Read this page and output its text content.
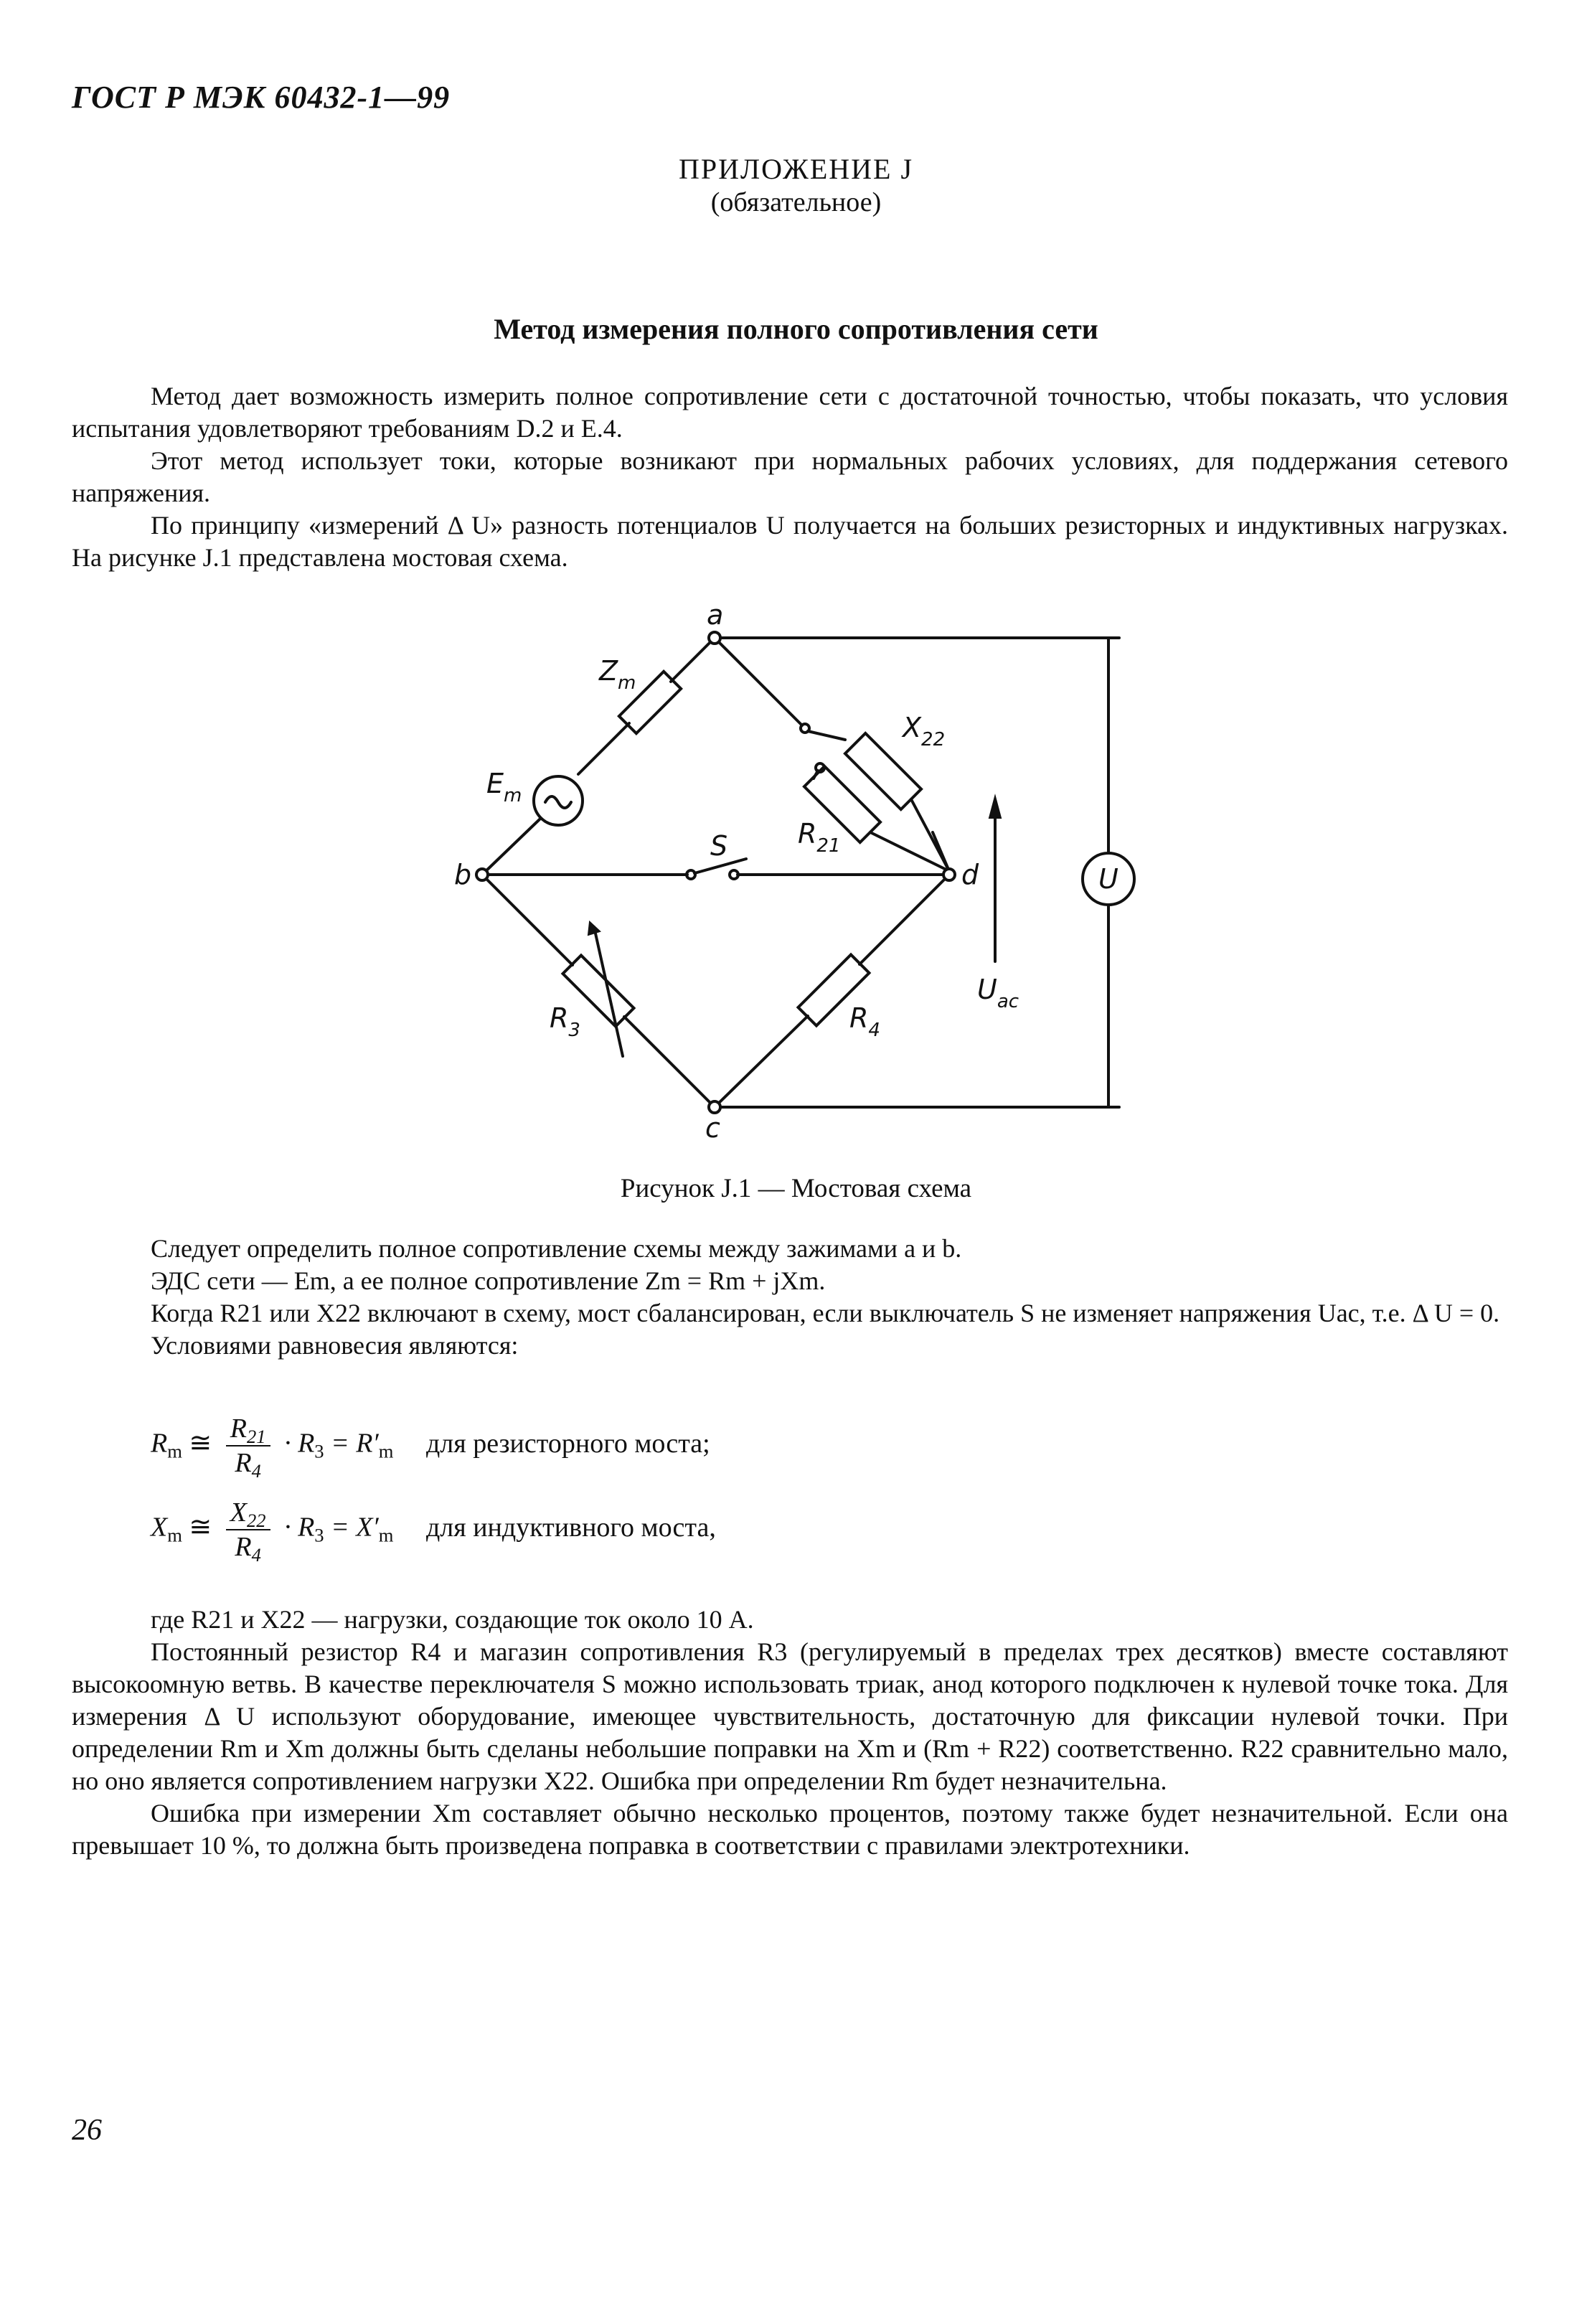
ГОСТ Р МЭК 60432-1—99
ПРИЛОЖЕНИЕ J
(обязательное)
Метод измерения полного сопротивления сети

Метод дает возможность измерить полное сопротивление сети с достаточной точностью, чтобы показать, что условия испытания удовлетворяют требованиям D.2 и E.4.

Этот метод использует токи, которые возникают при нормальных рабочих условиях, для поддержания сетевого напряжения.

По принципу «измерений Δ U» разность потенциалов U получается на больших резисторных и индуктивных нагрузках. На рисунке J.1 представлена мостовая схема.

a
b
c
d
$Z_m$
$E_m$
$X_{22}$
$R_{21}$
S
$R_3$	$R_4$
$U_{ac}$
U
Рисунок J.1 — Мостовая схема

Следует определить полное сопротивление схемы между зажимами a и b.

ЭДС сети — Em, а ее полное сопротивление Zm = Rm + jXm.

Когда R21 или X22 включают в схему, мост сбалансирован, если выключатель S не изменяет напряжения Uac, т.е. Δ U = 0.

Условиями равновесия являются:

$R_m$ ≅ $\frac{R_{21}}{R_4} \cdot R_3 = R'_m$ для резисторного моста;
$X_m$ ≅ $\frac{X_{22}}{R_4} \cdot R_3 = X'_m$ для индуктивного моста,

где R21 и X22 — нагрузки, создающие ток около 10 А.

Постоянный резистор R4 и магазин сопротивления R3 (регулируемый в пределах трех десятков) вместе составляют высокоомную ветвь. В качестве переключателя S можно использовать триак, анод которого подключен к нулевой точке тока. Для измерения Δ U используют оборудование, имеющее чувствительность, достаточную для фиксации нулевой точки. При определении Rm и Xm должны быть сделаны небольшие поправки на Xm и (Rm + R22) соответственно. R22 сравнительно мало, но оно является сопротивлением нагрузки X22. Ошибка при определении Rm будет незначительна.

Ошибка при измерении Xm составляет обычно несколько процентов, поэтому также будет незначительной. Если она превышает 10 %, то должна быть произведена поправка в соответствии с правилами электротехники.

26
